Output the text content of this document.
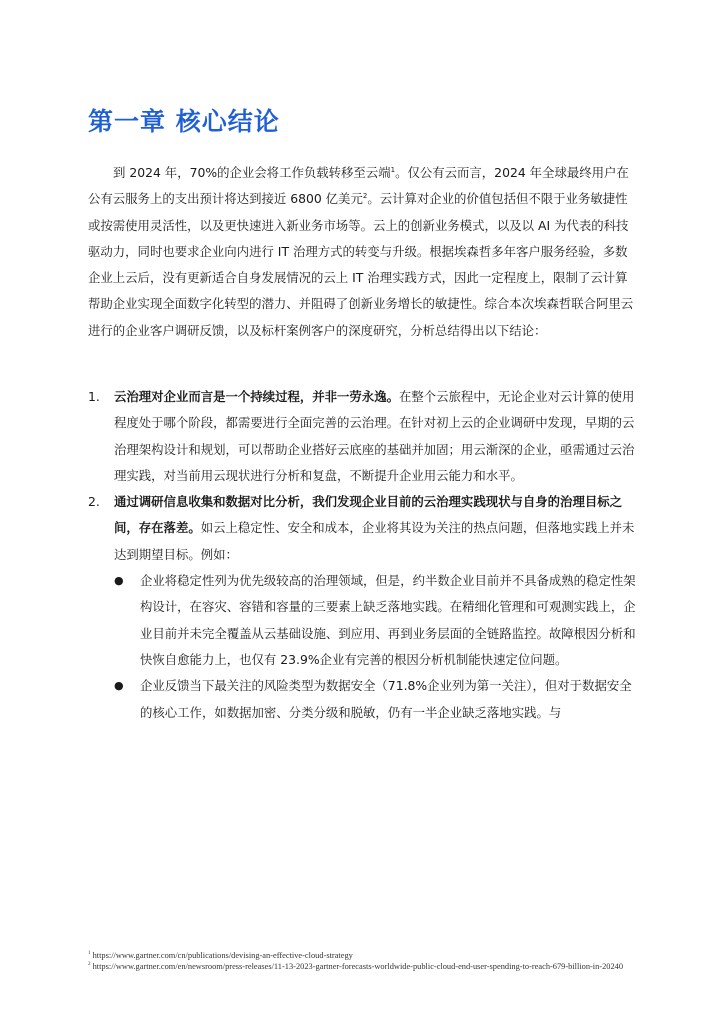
第一章 核心结论

到 2024 年，70%的企业会将工作负载转移至云端$^1$。仅公有云而言，2024 年全球最终用户在公有云服务上的支出预计将达到接近 6800 亿美元$^2$。云计算对企业的价值包括但不限于业务敏捷性或按需使用灵活性，以及更快速进入新业务市场等。云上的创新业务模式，以及以 AI 为代表的科技驱动力，同时也要求企业向内进行 IT 治理方式的转变与升级。根据埃森哲多年客户服务经验，多数企业上云后，没有更新适合自身发展情况的云上 IT 治理实践方式，因此一定程度上，限制了云计算帮助企业实现全面数字化转型的潜力、并阻碍了创新业务增长的敏捷性。综合本次埃森哲联合阿里云进行的企业客户调研反馈，以及标杆案例客户的深度研究，分析总结得出以下结论：

1. 云治理对企业而言是一个持续过程，并非一劳永逸。在整个云旅程中，无论企业对云计算的使用程度处于哪个阶段，都需要进行全面完善的云治理。在针对初上云的企业调研中发现，早期的云治理架构设计和规划，可以帮助企业搭好云底座的基础并加固；用云渐深的企业，亟需通过云治理实践，对当前用云现状进行分析和复盘，不断提升企业用云能力和水平。
2. 通过调研信息收集和数据对比分析，我们发现企业目前的云治理实践现状与自身的治理目标之间，存在落差。如云上稳定性、安全和成本，企业将其设为关注的热点问题，但落地实践上并未达到期望目标。例如：
● 企业将稳定性列为优先级较高的治理领域，但是，约半数企业目前并不具备成熟的稳定性架构设计，在容灾、容错和容量的三要素上缺乏落地实践。在精细化管理和可观测实践上，企业目前并未完全覆盖从云基础设施、到应用、再到业务层面的全链路监控。故障根因分析和快恢自愈能力上，也仅有 23.9%企业有完善的根因分析机制能快速定位问题。
● 企业反馈当下最关注的风险类型为数据安全（71.8%企业列为第一关注），但对于数据安全的核心工作，如数据加密、分类分级和脱敏，仍有一半企业缺乏落地实践。与

$^1$ https://www.gartner.com/cn/publications/devising-an-effective-cloud-strategy

$^2$ https://www.gartner.com/en/newsroom/press-releases/11-13-2023-gartner-forecasts-worldwide-public-cloud-end-user-spending-to-reach-679-billion-in-20240
